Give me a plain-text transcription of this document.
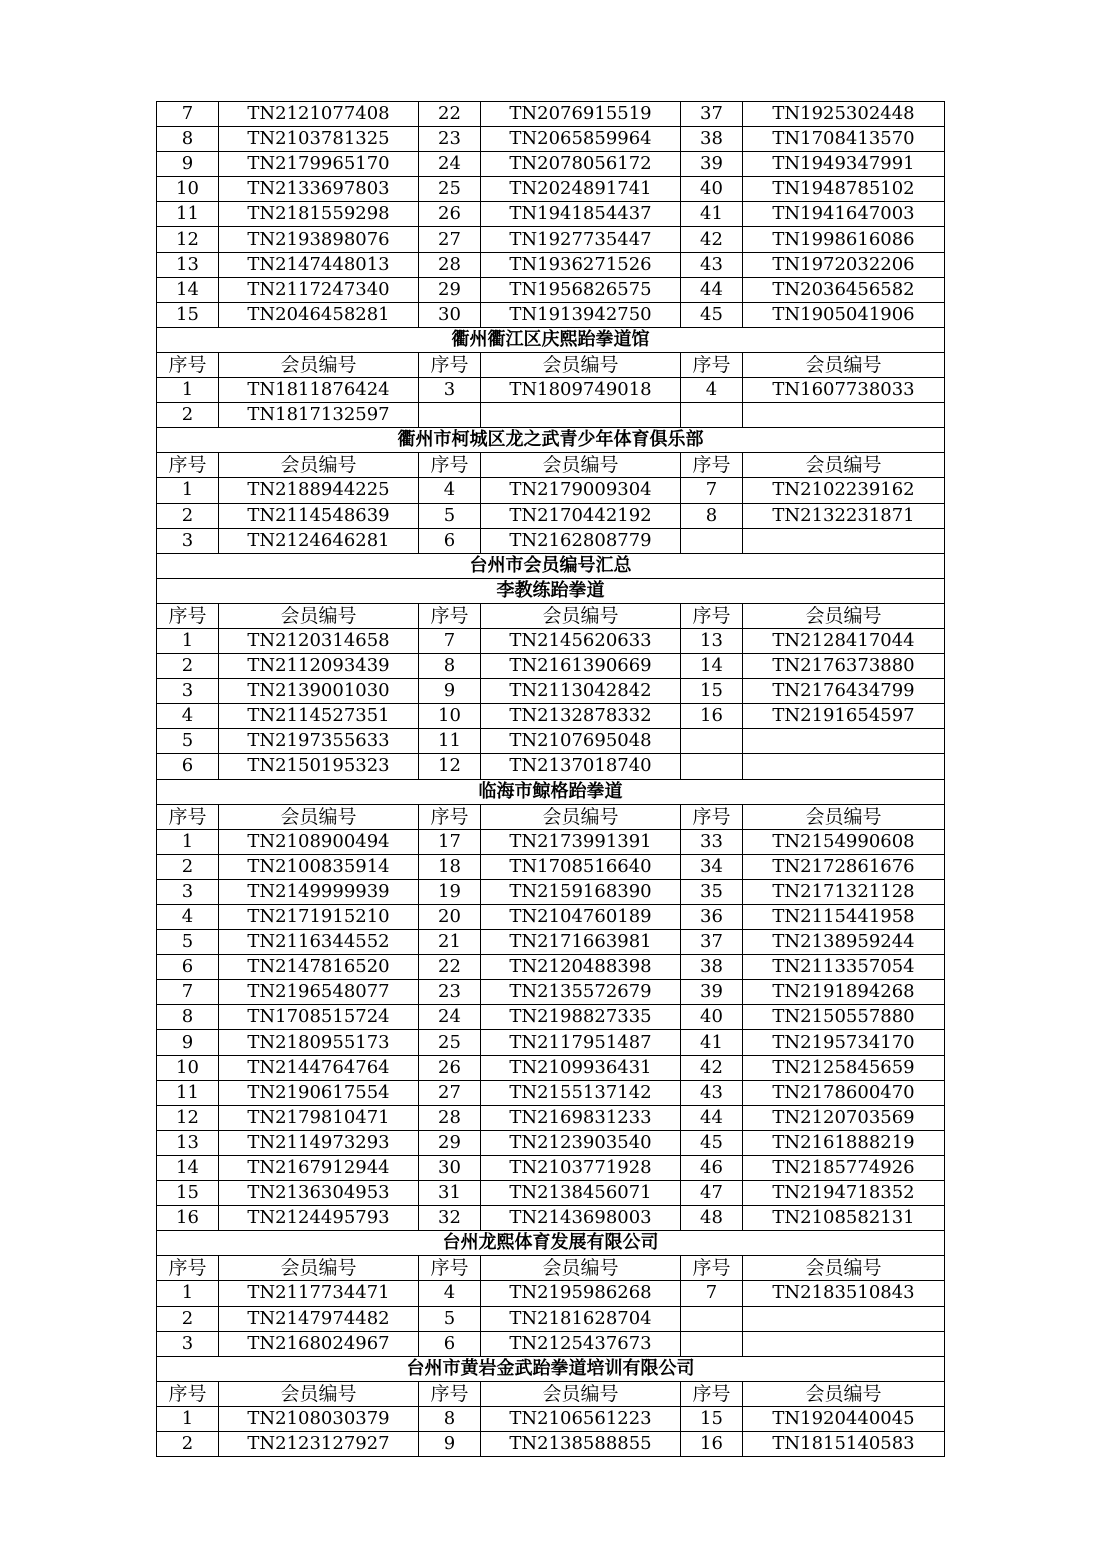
7	TN2121077408	22	TN2076915519	37	TN1925302448
8	TN2103781325	23	TN2065859964	38	TN1708413570
9	TN2179965170	24	TN2078056172	39	TN1949347991
10	TN2133697803	25	TN2024891741	40	TN1948785102
11	TN2181559298	26	TN1941854437	41	TN1941647003
12	TN2193898076	27	TN1927735447	42	TN1998616086
13	TN2147448013	28	TN1936271526	43	TN1972032206
14	TN2117247340	29	TN1956826575	44	TN2036456582
15	TN2046458281	30	TN1913942750	45	TN1905041906
衢州衢江区庆熙跆拳道馆					
序号	会员编号	序号	会员编号	序号	会员编号
1	TN1811876424	3	TN1809749018	4	TN1607738033
2	TN1817132597				
衢州市柯城区龙之武青少年体育俱乐部					
序号	会员编号	序号	会员编号	序号	会员编号
1	TN2188944225	4	TN2179009304	7	TN2102239162
2	TN2114548639	5	TN2170442192	8	TN2132231871
3	TN2124646281	6	TN2162808779		
台州市会员编号汇总					
李教练跆拳道					
序号	会员编号	序号	会员编号	序号	会员编号
1	TN2120314658	7	TN2145620633	13	TN2128417044
2	TN2112093439	8	TN2161390669	14	TN2176373880
3	TN2139001030	9	TN2113042842	15	TN2176434799
4	TN2114527351	10	TN2132878332	16	TN2191654597
5	TN2197355633	11	TN2107695048		
6	TN2150195323	12	TN2137018740		
临海市鲸格跆拳道					
序号	会员编号	序号	会员编号	序号	会员编号
1	TN2108900494	17	TN2173991391	33	TN2154990608
2	TN2100835914	18	TN1708516640	34	TN2172861676
3	TN2149999939	19	TN2159168390	35	TN2171321128
4	TN2171915210	20	TN2104760189	36	TN2115441958
5	TN2116344552	21	TN2171663981	37	TN2138959244
6	TN2147816520	22	TN2120488398	38	TN2113357054
7	TN2196548077	23	TN2135572679	39	TN2191894268
8	TN1708515724	24	TN2198827335	40	TN2150557880
9	TN2180955173	25	TN2117951487	41	TN2195734170
10	TN2144764764	26	TN2109936431	42	TN2125845659
11	TN2190617554	27	TN2155137142	43	TN2178600470
12	TN2179810471	28	TN2169831233	44	TN2120703569
13	TN2114973293	29	TN2123903540	45	TN2161888219
14	TN2167912944	30	TN2103771928	46	TN2185774926
15	TN2136304953	31	TN2138456071	47	TN2194718352
16	TN2124495793	32	TN2143698003	48	TN2108582131
台州龙熙体育发展有限公司					
序号	会员编号	序号	会员编号	序号	会员编号
1	TN2117734471	4	TN2195986268	7	TN2183510843
2	TN2147974482	5	TN2181628704		
3	TN2168024967	6	TN2125437673		
台州市黄岩金武跆拳道培训有限公司					
序号	会员编号	序号	会员编号	序号	会员编号
1	TN2108030379	8	TN2106561223	15	TN1920440045
2	TN2123127927	9	TN2138588855	16	TN1815140583
